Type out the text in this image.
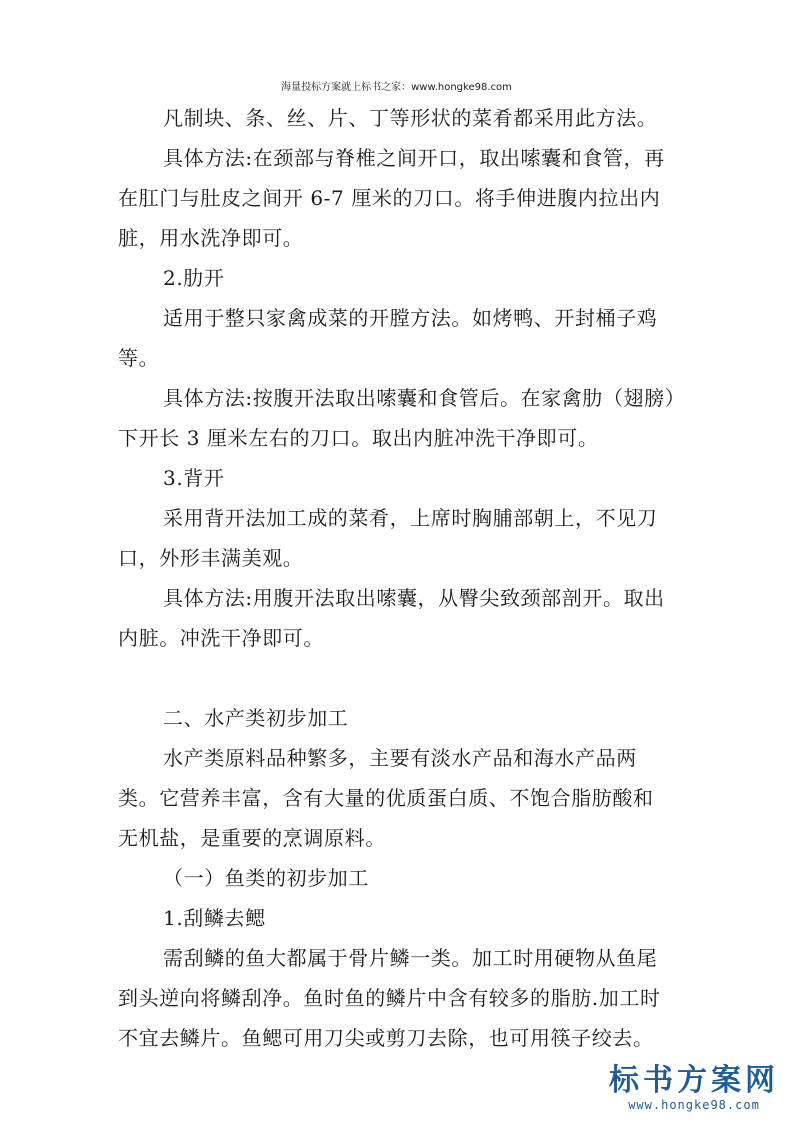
海量投标方案就上标书之家：www.hongke98.com
凡制块、条、丝、片、丁等形状的菜肴都采用此方法。
具体方法:在颈部与脊椎之间开口，取出嗦囊和食管，再
在肛门与肚皮之间开 6-7 厘米的刀口。将手伸进腹内拉出内
脏，用水洗净即可。
2.肋开
适用于整只家禽成菜的开膛方法。如烤鸭、开封桶子鸡
等。
具体方法:按腹开法取出嗦囊和食管后。在家禽肋（翅膀）
下开长 3 厘米左右的刀口。取出内脏冲洗干净即可。
3.背开
采用背开法加工成的菜肴，上席时胸脯部朝上，不见刀
口，外形丰满美观。
具体方法:用腹开法取出嗦囊，从臀尖致颈部剖开。取出
内脏。冲洗干净即可。
二、水产类初步加工
水产类原料品种繁多，主要有淡水产品和海水产品两
类。它营养丰富，含有大量的优质蛋白质、不饱合脂肪酸和
无机盐，是重要的烹调原料。
（一）鱼类的初步加工
1.刮鳞去鳃
需刮鳞的鱼大都属于骨片鳞一类。加工时用硬物从鱼尾
到头逆向将鳞刮净。鱼时鱼的鳞片中含有较多的脂肪.加工时
不宜去鳞片。鱼鳃可用刀尖或剪刀去除，也可用筷子绞去。
标书方案网
www.hongke98.com
